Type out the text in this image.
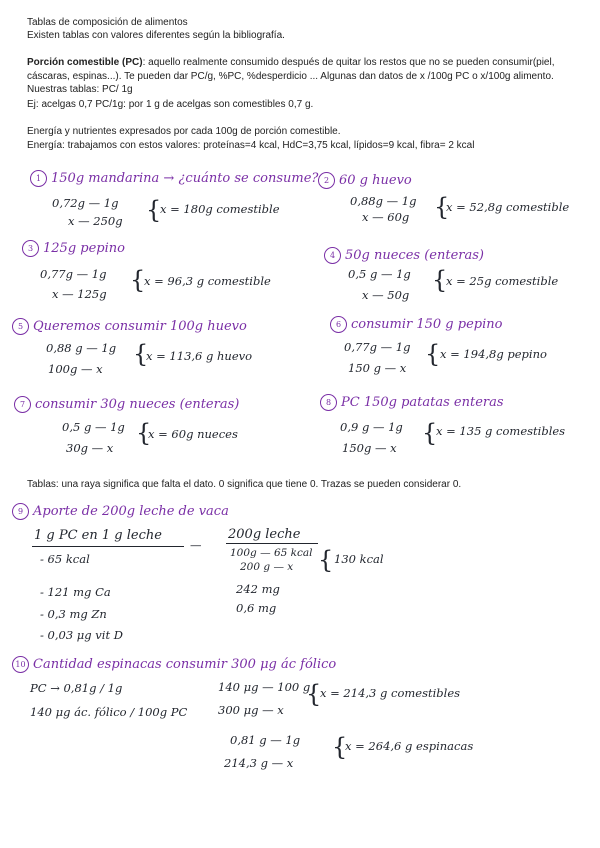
Tablas de composición de alimentos
Existen tablas con valores diferentes según la bibliografía.
Porción comestible (PC): aquello realmente consumido después de quitar los restos que no se pueden consumir(piel,
cáscaras, espinas...). Te pueden dar PC/g, %PC, %desperdicio ... Algunas dan datos de x /100g PC o x/100g alimento.
Nuestras tablas: PC/ 1g
Ej: acelgas 0,7 PC/1g: por 1 g de acelgas son comestibles 0,7 g.
Energía y nutrientes expresados por cada 100g de porción comestible.
Energía: trabajamos con estos valores: proteínas=4 kcal, HdC=3,75 kcal, lípidos=9 kcal, fibra= 2 kcal
1 150g mandarina → ¿cuánto se consume?
0,72g — 1g
x — 250g {
x = 180g comestible
2 60 g huevo
0,88g — 1g
x — 60g {
x = 52,8g comestible
3 125g pepino
0,77g — 1g
x — 125g {
x = 96,3 g comestible
4 50g nueces (enteras)
0,5 g — 1g
x — 50g
{
x = 25g comestible
5 Queremos consumir 100g huevo
0,88 g — 1g
100g — x
{
x = 113,6 g huevo
6 consumir 150 g pepino
0,77g — 1g
150 g — x { x = 194,8g pepino
7 consumir 30g nueces (enteras)
0,5 g — 1g
30g — x
{
x = 60g nueces
8 PC 150g patatas enteras
0,9 g — 1g
150g — x
{
x = 135 g comestibles
Tablas: una raya significa que falta el dato. 0 significa que tiene 0. Trazas se pueden considerar 0.
9 Aporte de 200g leche de vaca
1 g PC en 1 g leche
- 65 kcal
- 121 mg Ca
- 0,3 mg Zn
- 0,03 μg vit D
—
200g leche
100g — 65 kcal
200 g — x { 130 kcal
242 mg
0,6 mg
10 Cantidad espinacas consumir 300 μg ác fólico
PC → 0,81g / 1g
140 μg ác. fólico / 100g PC
140 μg — 100 g
300 μg — x
{
x = 214,3 g comestibles
0,81 g — 1g
214,3 g — x
{
x = 264,6 g espinacas
